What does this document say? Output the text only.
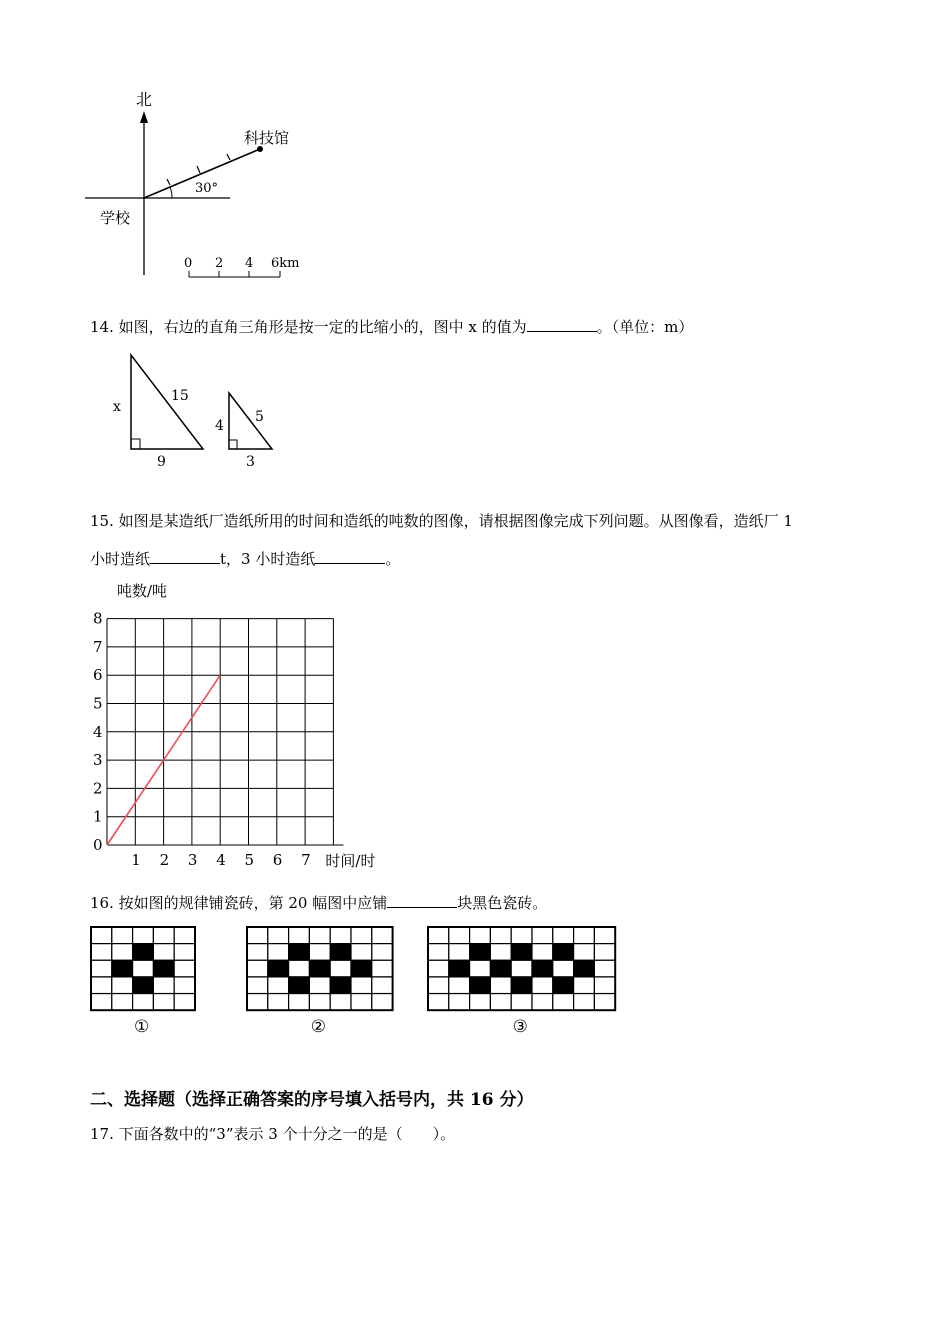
北
科技馆
学校
30°
0 2 4 6km
14. 如图，右边的直角三角形是按一定的比缩小的，图中 x 的值为	。（单位：m）
x
15
9
4
5
3
15. 如图是某造纸厂造纸所用的时间和造纸的吨数的图像，请根据图像完成下列问题。从图像看，造纸厂 1
小时造纸	t，3 小时造纸	。
0
1
2
3
4
5
6
7
8
1 2 3 4 5 6 7
吨数/吨
时间/时
16. 按如图的规律铺瓷砖，第 20 幅图中应铺	块黑色瓷砖。
①	②	③
二、选择题（选择正确答案的序号填入括号内，共 16 分）
17. 下面各数中的“3”表示 3 个十分之一的是（　　）。
